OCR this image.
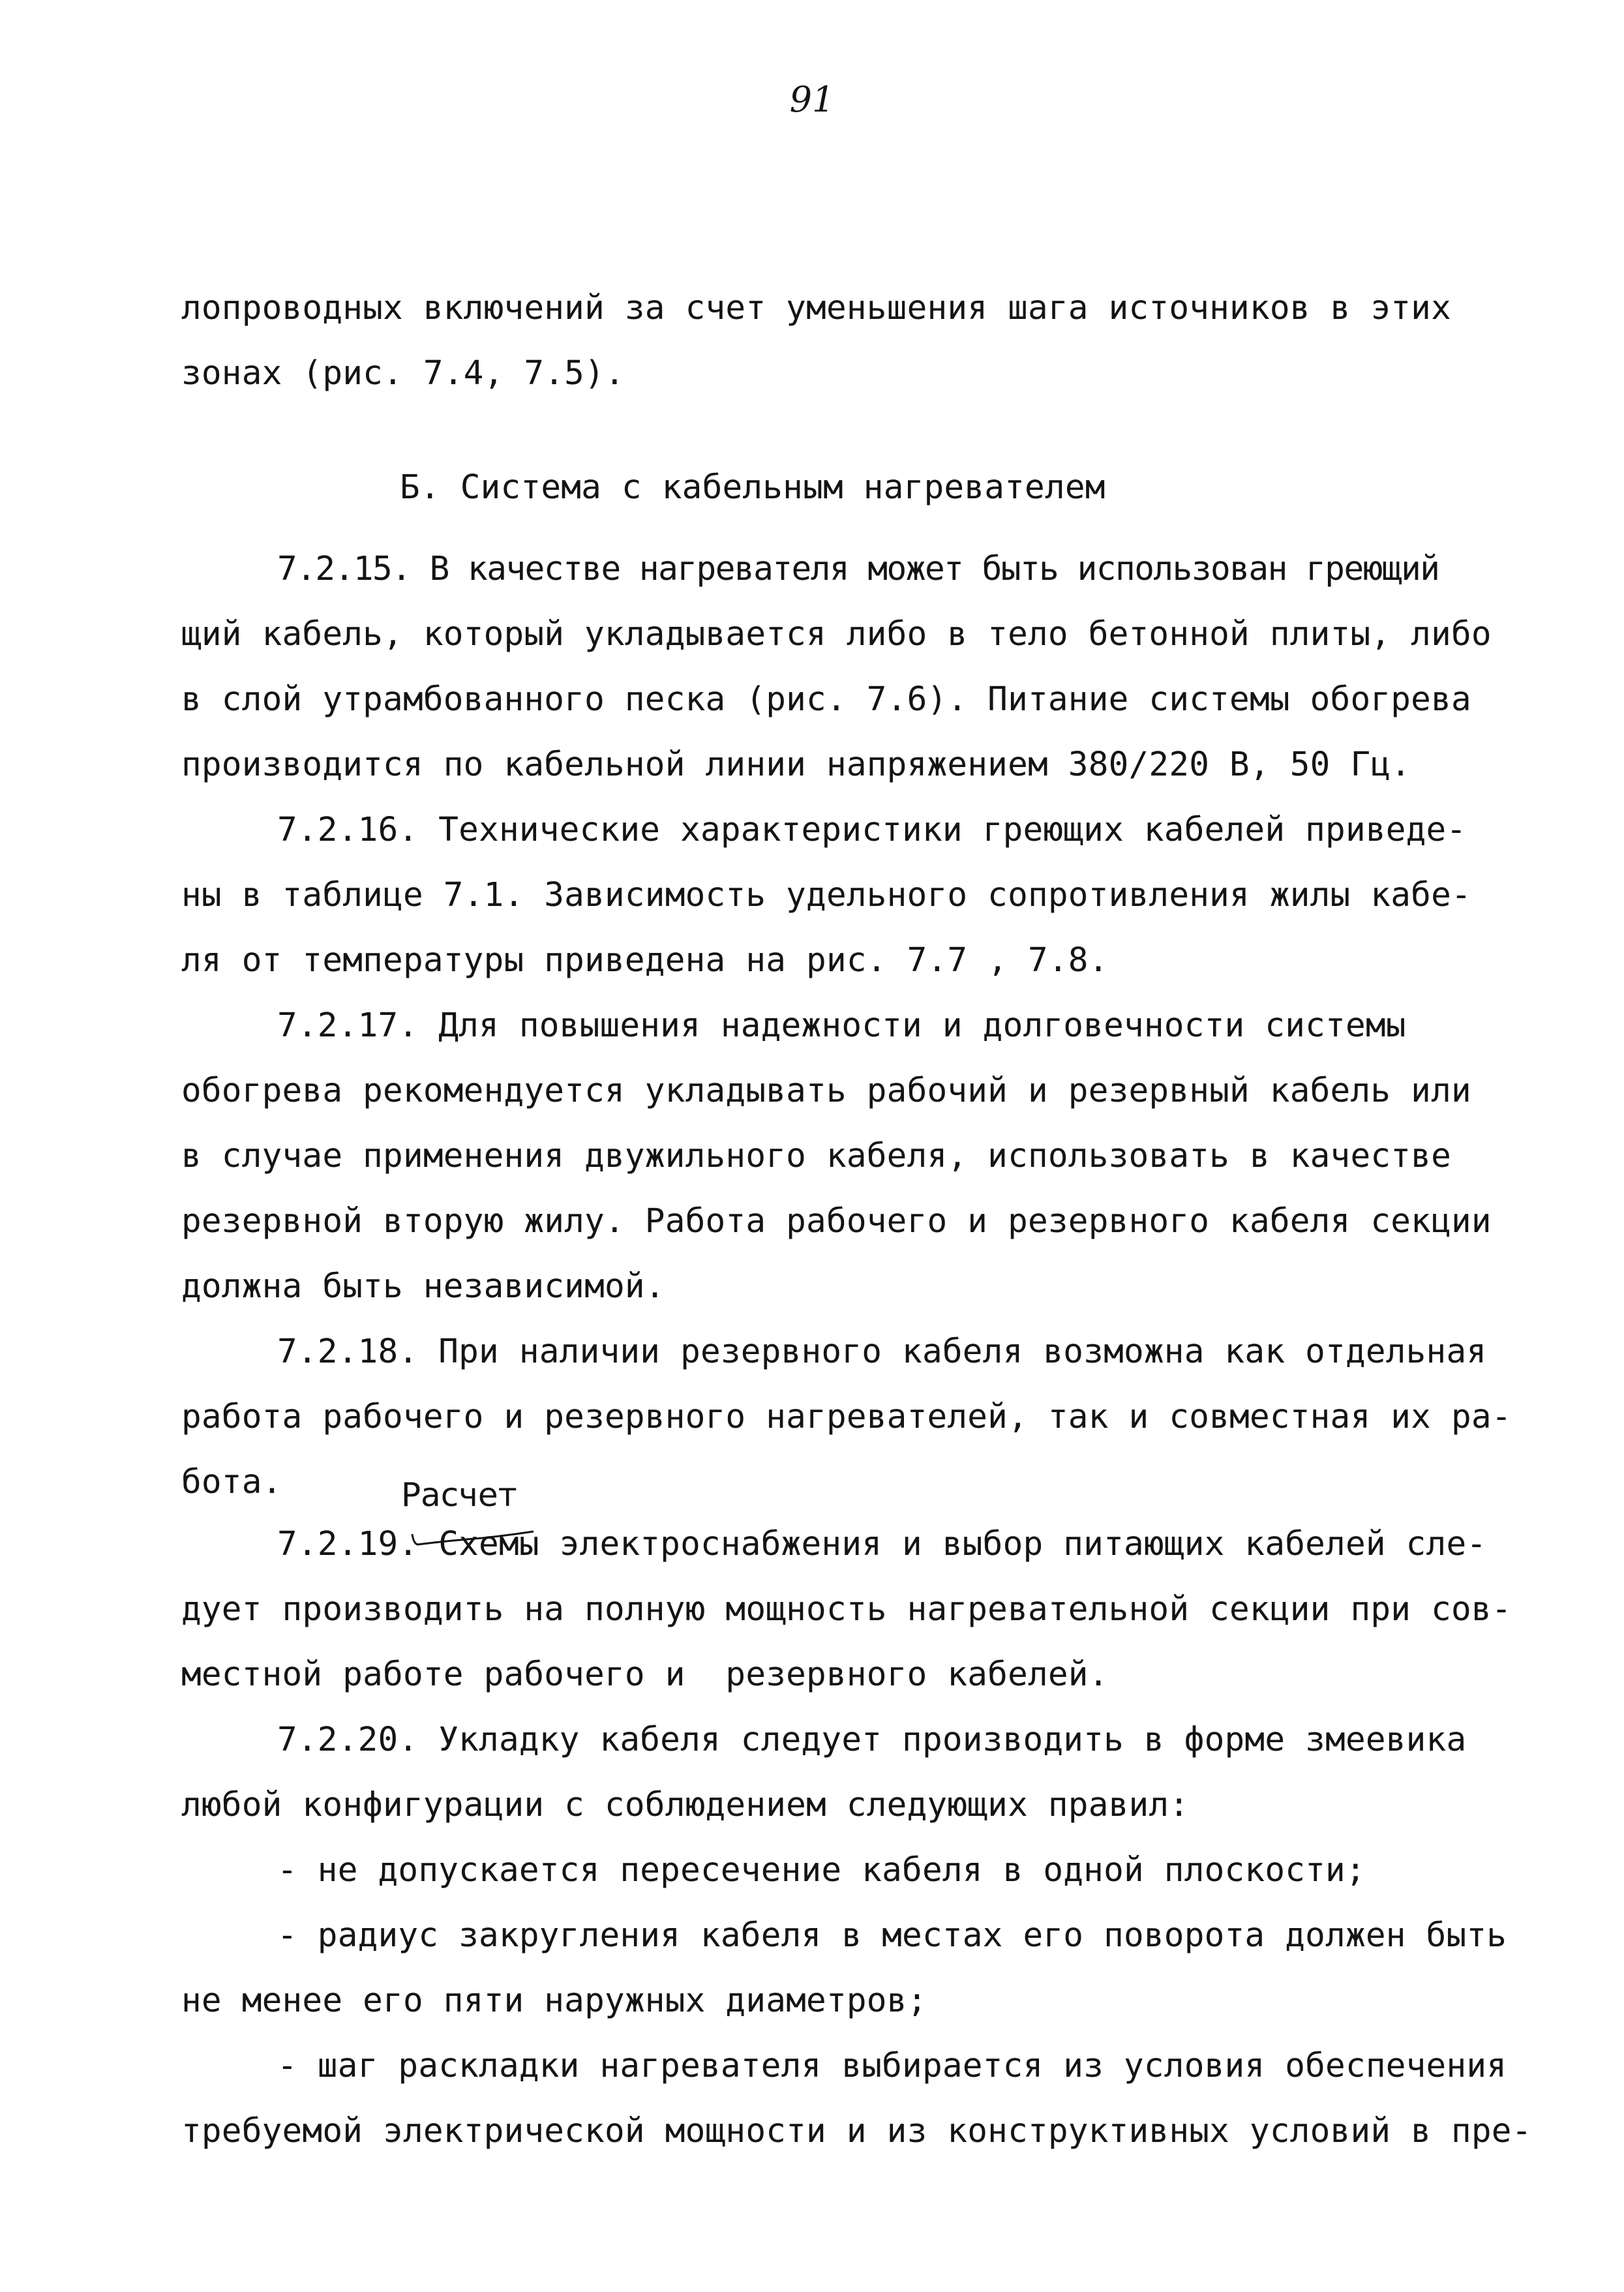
91
лопроводных включений за счет уменьшения шага источников в этих
зонах (рис. 7.4, 7.5).
Б. Система с кабельным нагревателем
7.2.15. В качестве нагревателя может быть использован греющий
щий кабель, который укладывается либо в тело бетонной плиты, либо
в слой утрамбованного песка (рис. 7.6). Питание системы обогрева
производится по кабельной линии напряжением 380/220 В, 50 Гц.
7.2.16. Технические характеристики греющих кабелей приведе-
ны в таблице 7.1. Зависимость удельного сопротивления жилы кабе-
ля от температуры приведена на рис. 7.7 , 7.8.
7.2.17. Для повышения надежности и долговечности системы
обогрева рекомендуется укладывать рабочий и резервный кабель или
в случае применения двужильного кабеля, использовать в качестве
резервной вторую жилу. Работа рабочего и резервного кабеля секции
должна быть независимой.
7.2.18. При наличии резервного кабеля возможна как отдельная
работа рабочего и резервного нагревателей, так и совместная их ра-
бота.
7.2.19. Схемы электроснабжения и выбор питающих кабелей сле-
дует производить на полную мощность нагревательной секции при сов-
местной работе рабочего и  резервного кабелей.
7.2.20. Укладку кабеля следует производить в форме змеевика
любой конфигурации с соблюдением следующих правил:
- не допускается пересечение кабеля в одной плоскости;
- радиус закругления кабеля в местах его поворота должен быть
не менее его пяти наружных диаметров;
- шаг раскладки нагревателя выбирается из условия обеспечения
требуемой электрической мощности и из конструктивных условий в пре-
Расчет
